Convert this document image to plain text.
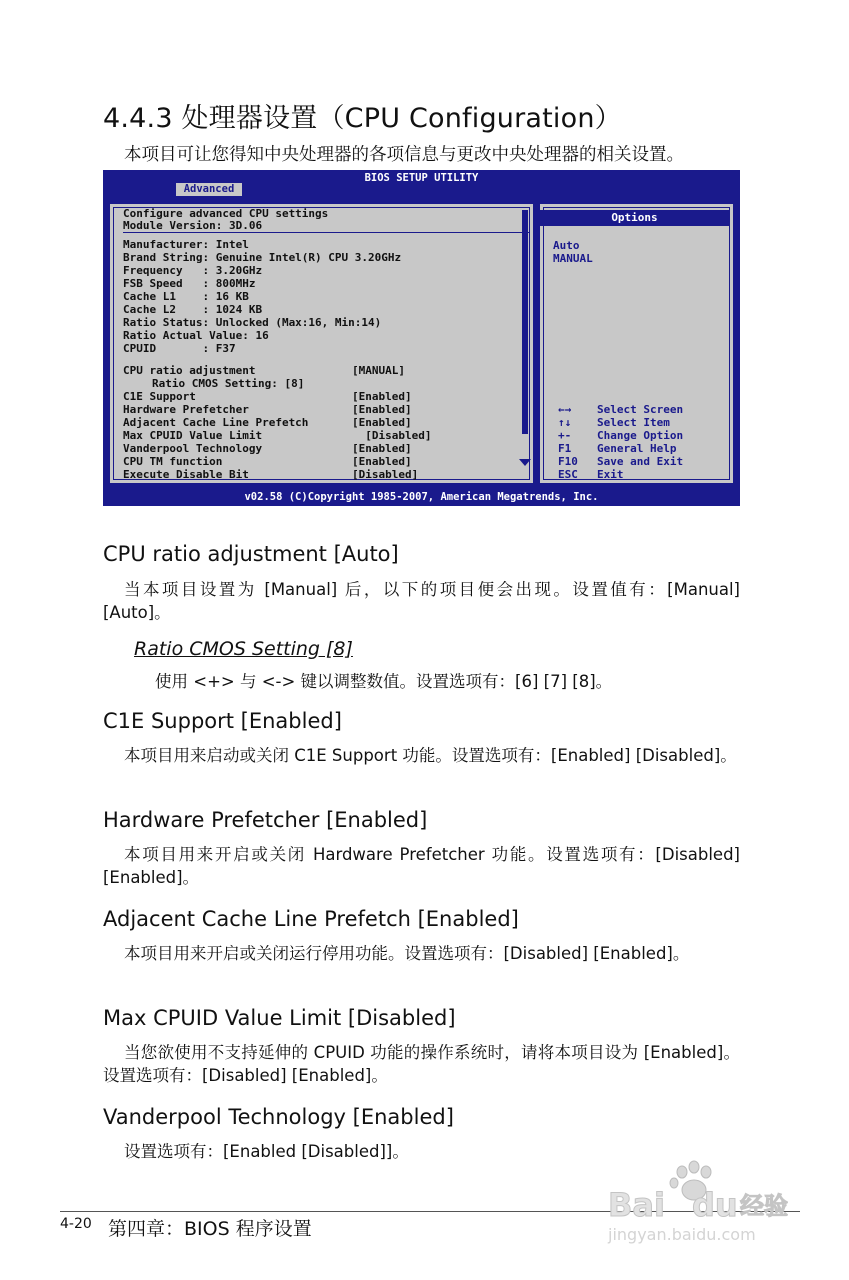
4.4.3 处理器设置（CPU Configuration）
本项目可让您得知中央处理器的各项信息与更改中央处理器的相关设置。
BIOS SETUP UTILITY
Advanced
Configure advanced CPU settings
Module Version: 3D.06
Manufacturer: Intel
Brand String: Genuine Intel(R) CPU 3.20GHz
Frequency   : 3.20GHz
FSB Speed   : 800MHz
Cache L1    : 16 KB
Cache L2    : 1024 KB
Ratio Status: Unlocked (Max:16, Min:14)
Ratio Actual Value: 16
CPUID       : F37
CPU ratio adjustment	[MANUAL]
Ratio CMOS Setting: [8]
C1E Support	[Enabled]
Hardware Prefetcher	[Enabled]
Adjacent Cache Line Prefetch	[Enabled]
Max CPUID Value Limit	[Disabled]
Vanderpool Technology	[Enabled]
CPU TM function	[Enabled]
Execute Disable Bit	[Disabled]
Options
Auto
MANUAL
←→ Select Screen
↑↓ Select Item
+- Change Option
F1 General Help
F10 Save and Exit
ESC Exit
v02.58 (C)Copyright 1985-2007, American Megatrends, Inc.
CPU ratio adjustment [Auto]
当本项目设置为 [Manual] 后，以下的项目便会出现。设置值有：[Manual] [Auto]。
Ratio CMOS Setting [8]
使用 <+> 与 <-> 键以调整数值。设置选项有：[6] [7] [8]。
C1E Support [Enabled]
本项目用来启动或关闭 C1E Support 功能。设置选项有：[Enabled] [Disabled]。
Hardware Prefetcher [Enabled]
本项目用来开启或关闭 Hardware Prefetcher 功能。设置选项有：[Disabled] [Enabled]。
Adjacent Cache Line Prefetch [Enabled]
本项目用来开启或关闭运行停用功能。设置选项有：[Disabled] [Enabled]。
Max CPUID Value Limit [Disabled]
当您欲使用不支持延伸的 CPUID 功能的操作系统时，请将本项目设为 [Enabled]。设置选项有：[Disabled] [Enabled]。
Vanderpool Technology [Enabled]
设置选项有：[Enabled [Disabled]]。
4-20 第四章：BIOS 程序设置
Bai du 经验
jingyan.baidu.com
